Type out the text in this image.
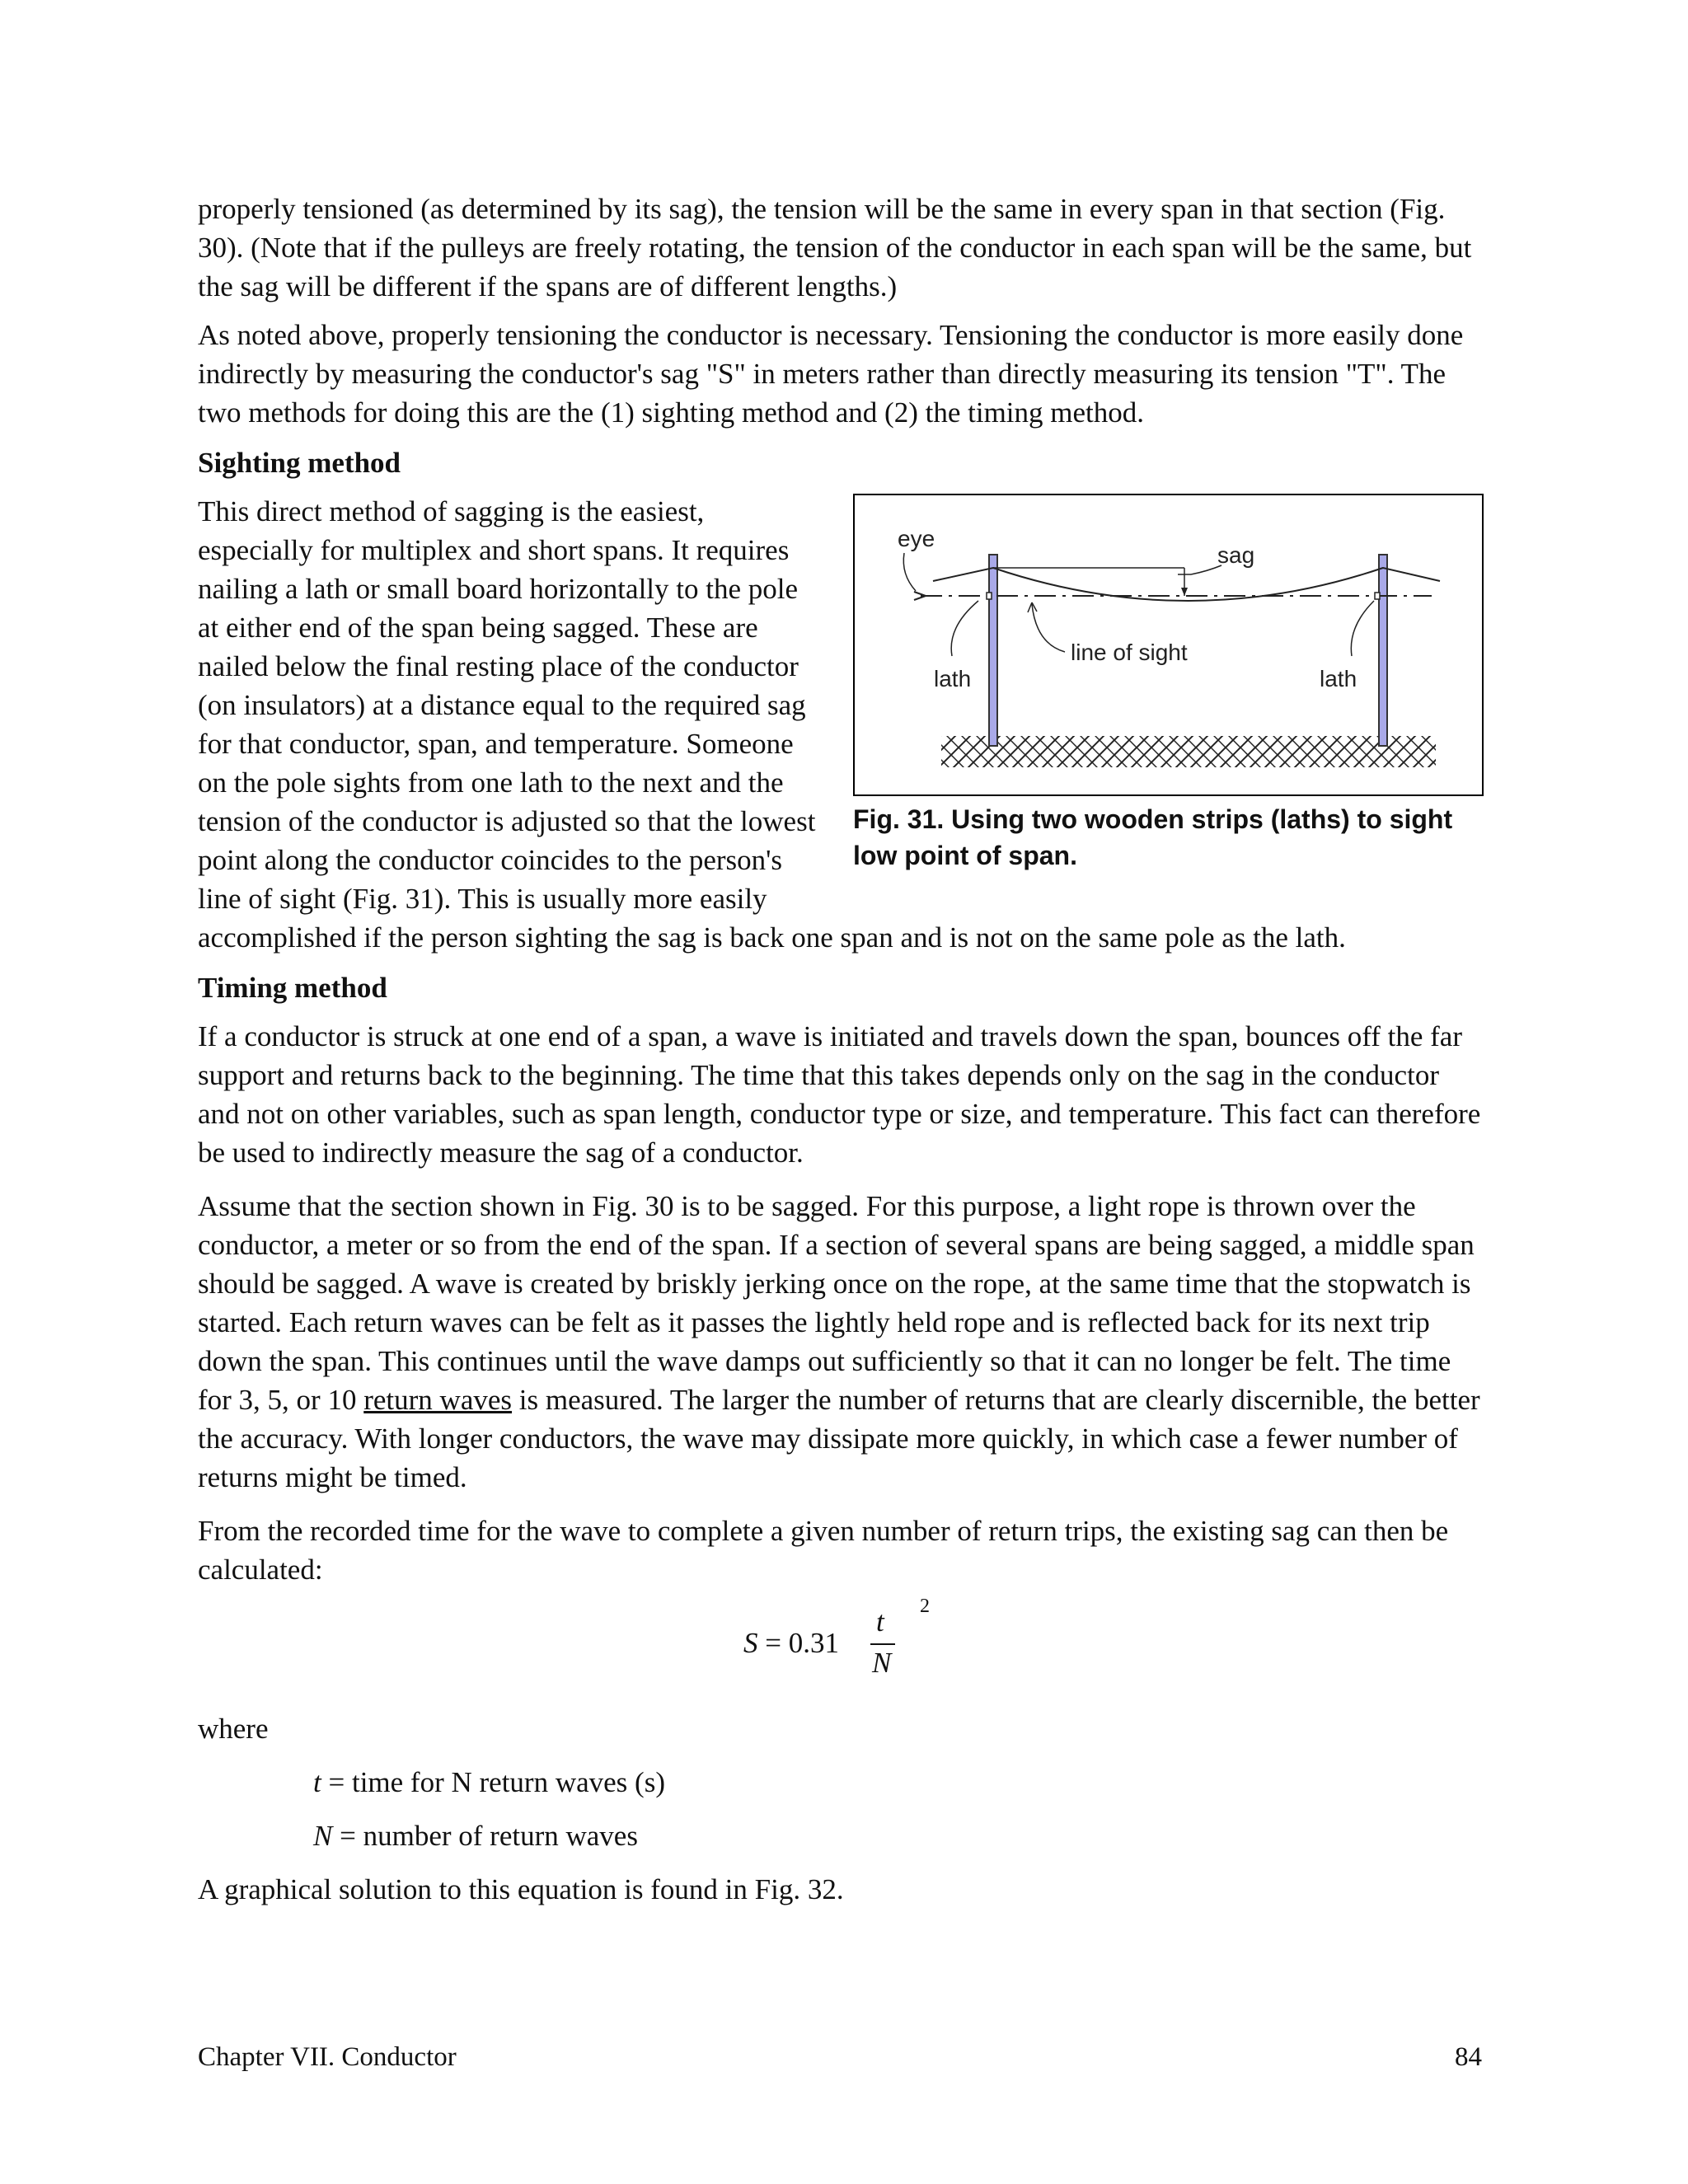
properly tensioned (as determined by its sag), the tension will be the same in every span in that section (Fig. 30). (Note that if the pulleys are freely rotating, the tension of the conductor in each span will be the same, but the sag will be different if the spans are of different lengths.)

As noted above, properly tensioning the conductor is necessary. Tensioning the conductor is more easily done indirectly by measuring the conductor's sag "S" in meters rather than directly measuring its tension "T". The two methods for doing this are the (1) sighting method and (2) the timing method.

Sighting method
eye
sag
line of sight
lath	lath
Fig. 31. Using two wooden strips (laths) to sight low point of span.

This direct method of sagging is the easiest, especially for multiplex and short spans. It requires nailing a lath or small board horizontally to the pole at either end of the span being sagged. These are nailed below the final resting place of the conductor (on insulators) at a distance equal to the required sag for that conductor, span, and temperature. Someone on the pole sights from one lath to the next and the tension of the conductor is adjusted so that the lowest point along the conductor coincides to the person's line of sight (Fig. 31). This is usually more easily accomplished if the person sighting the sag is back one span and is not on the same pole as the lath.

Timing method

If a conductor is struck at one end of a span, a wave is initiated and travels down the span, bounces off the far support and returns back to the beginning. The time that this takes depends only on the sag in the conductor and not on other variables, such as span length, conductor type or size, and temperature. This fact can therefore be used to indirectly measure the sag of a conductor.

Assume that the section shown in Fig. 30 is to be sagged. For this purpose, a light rope is thrown over the conductor, a meter or so from the end of the span. If a section of several spans are being sagged, a middle span should be sagged. A wave is created by briskly jerking once on the rope, at the same time that the stopwatch is started. Each return waves can be felt as it passes the lightly held rope and is reflected back for its next trip down the span. This continues until the wave damps out sufficiently so that it can no longer be felt. The time for 3, 5, or 10 return waves is measured. The larger the number of returns that are clearly discernible, the better the accuracy. With longer conductors, the wave may dissipate more quickly, in which case a fewer number of returns might be timed.

From the recorded time for the wave to complete a given number of return trips, the existing sag can then be calculated:

S = 0.31
t
N
2

where

t = time for N return waves (s)

N = number of return waves

A graphical solution to this equation is found in Fig. 32.

Chapter VII. Conductor	84
